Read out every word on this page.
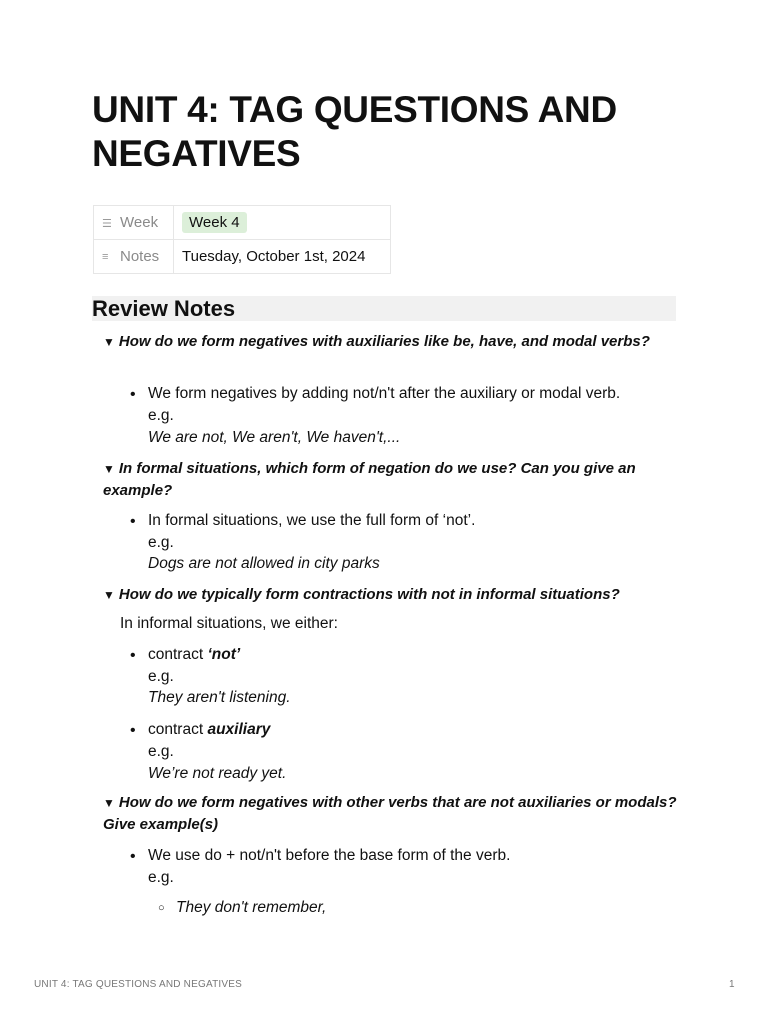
UNIT 4: TAG QUESTIONS AND NEGATIVES
☰ Week	Week 4
≡ Notes	Tuesday, October 1st, 2024
Review Notes
▼ How do we form negatives with auxiliaries like be, have, and modal verbs?
• We form negatives by adding not/n't after the auxiliary or modal verb.
e.g.
We are not, We aren't, We haven't,...
▼ In formal situations, which form of negation do we use? Can you give an example?
• In formal situations, we use the full form of ‘not’.
e.g.
Dogs are not allowed in city parks
▼ How do we typically form contractions with not in informal situations?
In informal situations, we either:
• contract ‘not’
e.g.
They aren't listening.
• contract auxiliary
e.g.
We’re not ready yet.
▼ How do we form negatives with other verbs that are not auxiliaries or modals? Give example(s)
• We use do + not/n't before the base form of the verb.
e.g.
○ They don't remember,
UNIT 4: TAG QUESTIONS AND NEGATIVES	1
